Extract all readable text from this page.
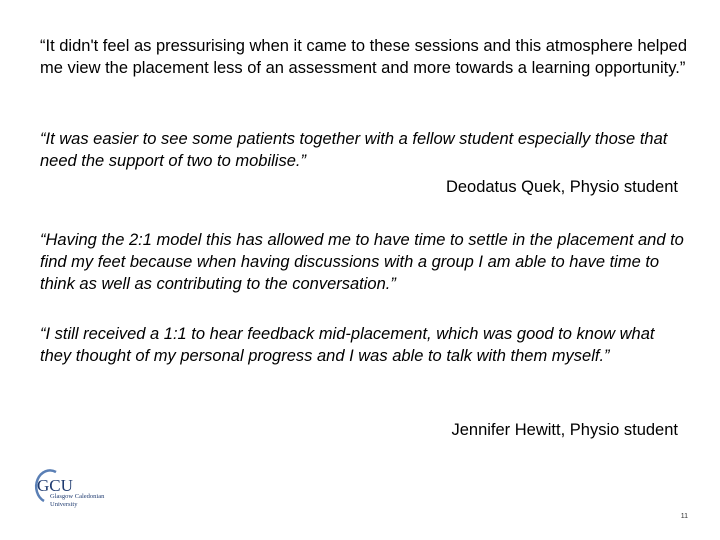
“It didn't feel as pressurising when it came to these sessions and this atmosphere helped me view the placement less of an assessment and more towards a learning opportunity.”

“It was easier to see some patients together with a fellow student especially those that need the support of two to mobilise.”

Deodatus Quek, Physio student

“Having the 2:1 model this has allowed me to have time to settle in the placement and to find my feet because when having discussions with a group I am able to have time to think as well as contributing to the conversation.”

“I still received a 1:1 to hear feedback mid-placement, which was good to know what they thought of my personal progress and I was able to talk with them myself.”

Jennifer Hewitt, Physio student

GCU
Glasgow Caledonian
University
11
